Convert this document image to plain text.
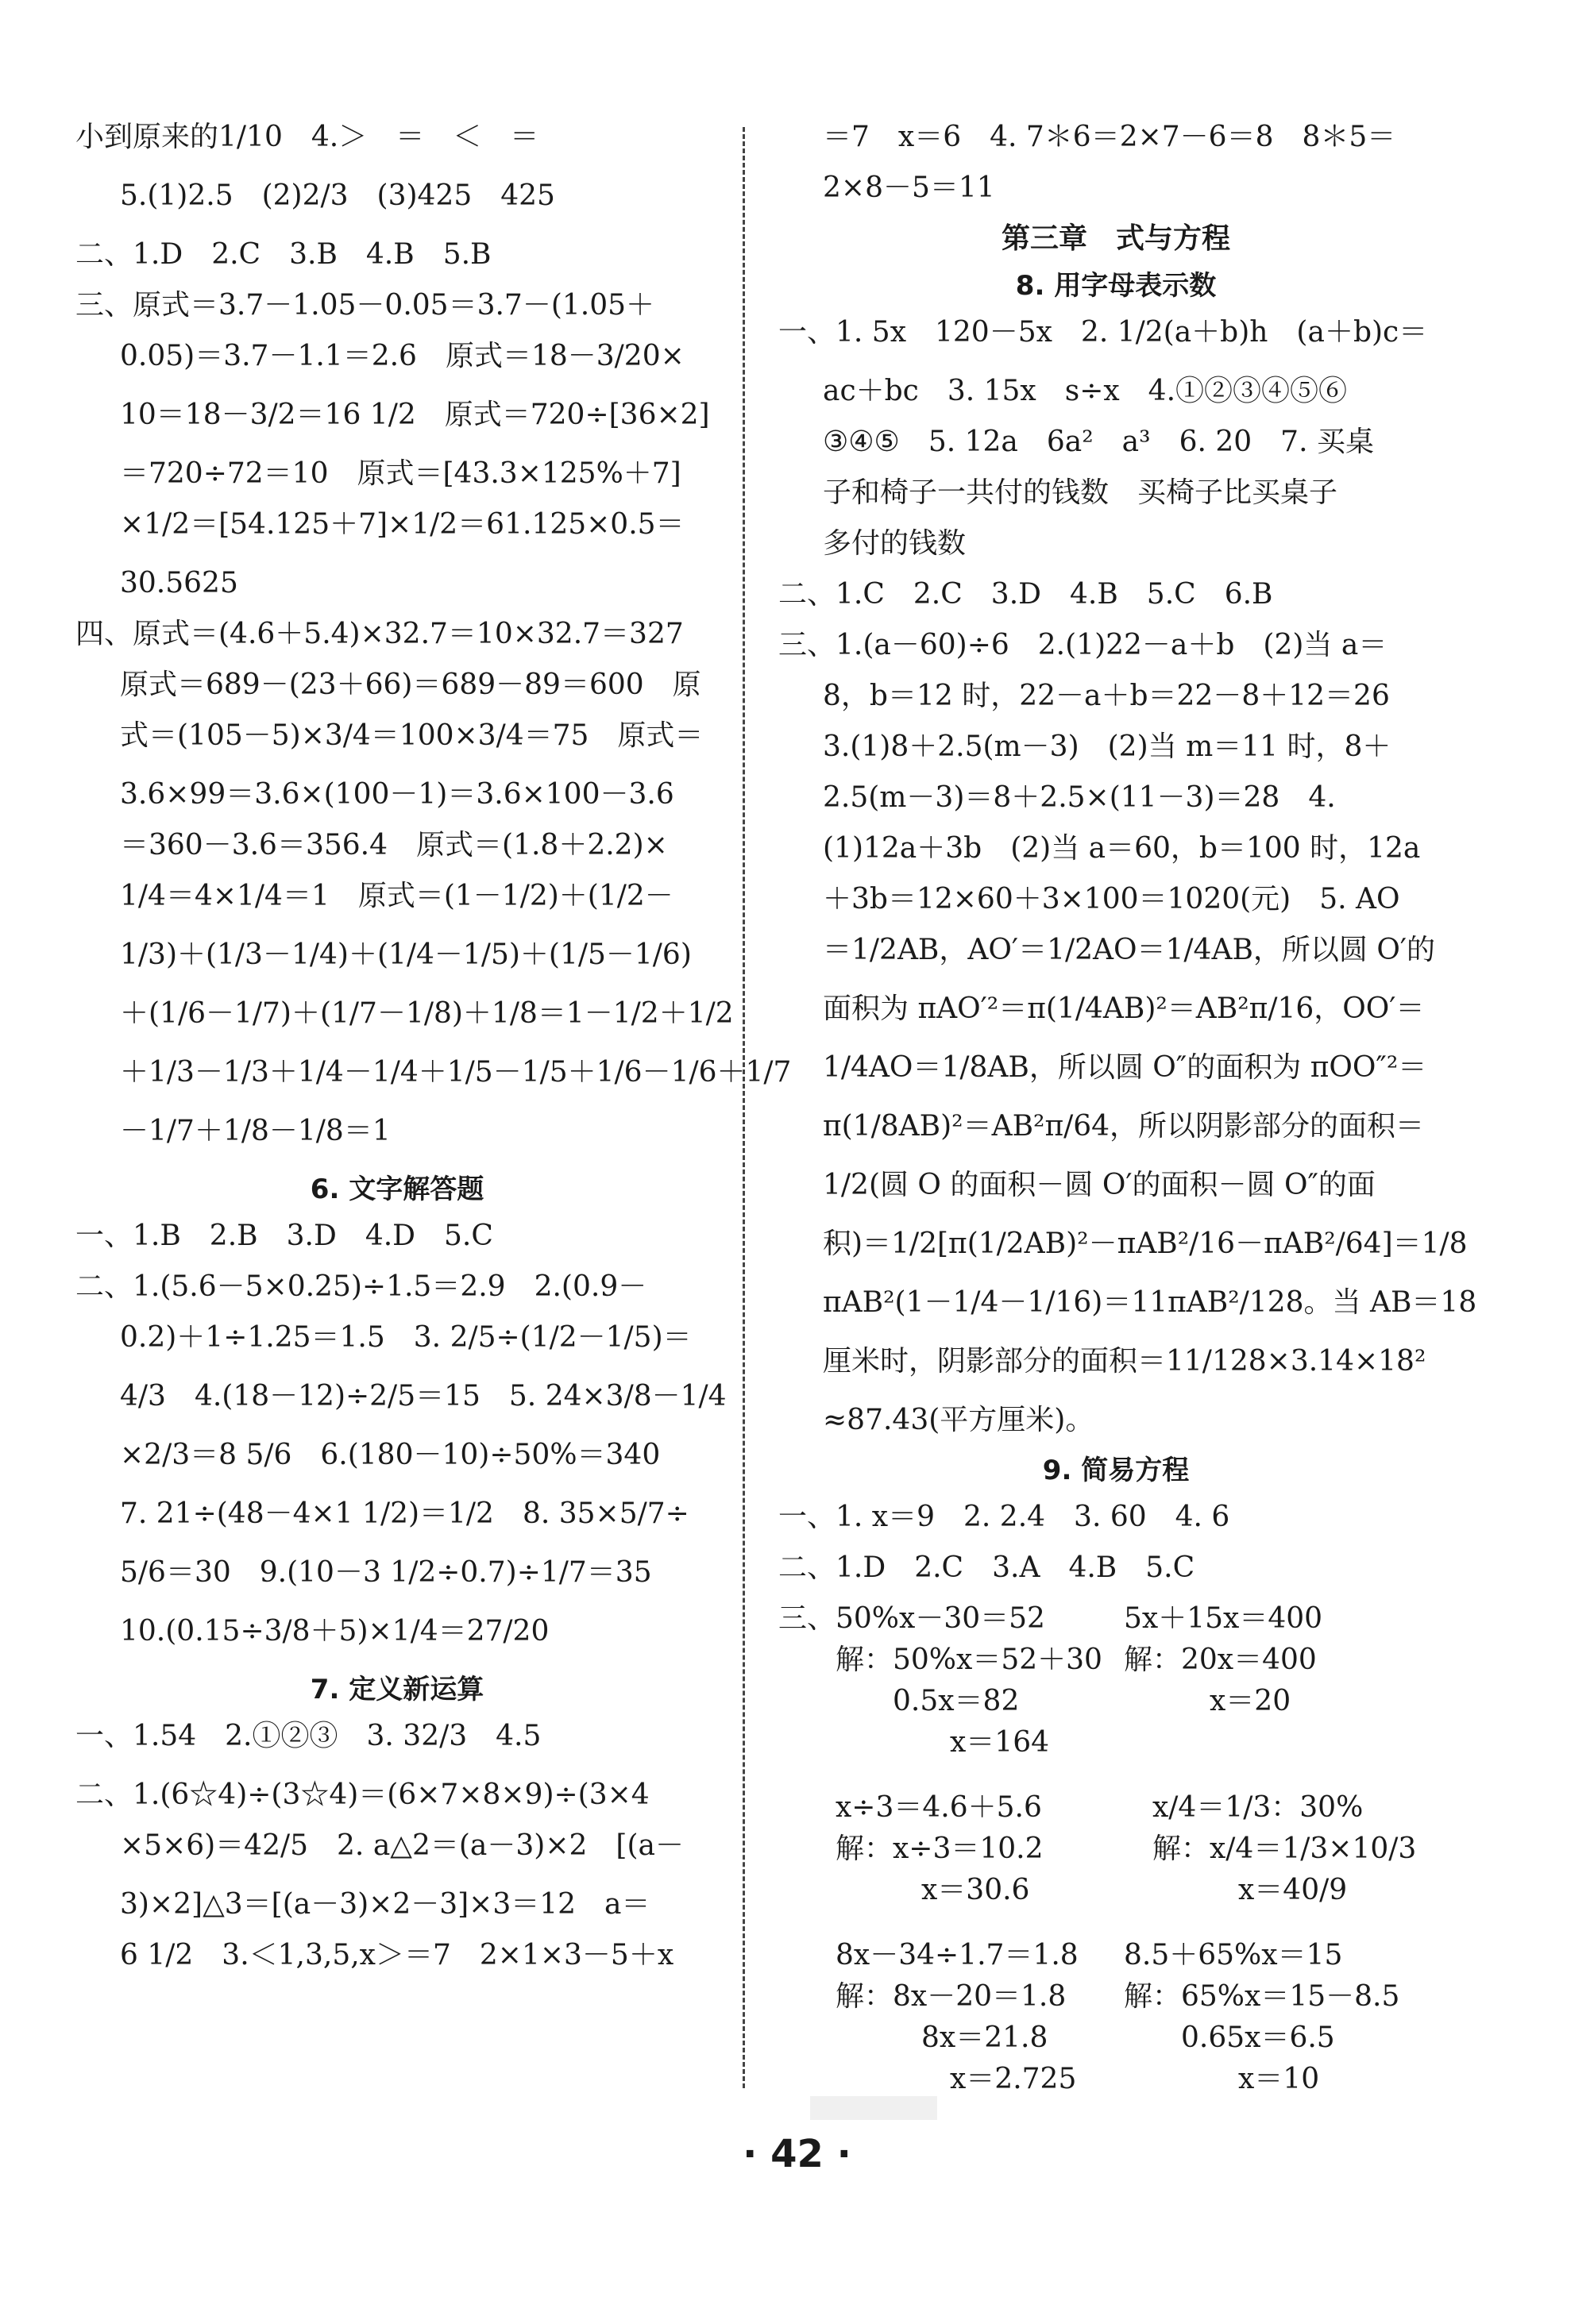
小到原来的1/10　4.＞　＝　＜　＝
5.(1)2.5　(2)2/3　(3)425　425
二、1.D　2.C　3.B　4.B　5.B
三、原式＝3.7－1.05－0.05＝3.7－(1.05＋
0.05)＝3.7－1.1＝2.6　原式＝18－3/20×
10＝18－3/2＝16 1/2　原式＝720÷[36×2]
＝720÷72＝10　原式＝[43.3×125%＋7]
×1/2＝[54.125＋7]×1/2＝61.125×0.5＝
30.5625
四、原式＝(4.6＋5.4)×32.7＝10×32.7＝327
原式＝689－(23＋66)＝689－89＝600　原
式＝(105－5)×3/4＝100×3/4＝75　原式＝
3.6×99＝3.6×(100－1)＝3.6×100－3.6
＝360－3.6＝356.4　原式＝(1.8＋2.2)×
1/4＝4×1/4＝1　原式＝(1－1/2)＋(1/2－
1/3)＋(1/3－1/4)＋(1/4－1/5)＋(1/5－1/6)
＋(1/6－1/7)＋(1/7－1/8)＋1/8＝1－1/2＋1/2
＋1/3－1/3＋1/4－1/4＋1/5－1/5＋1/6－1/6＋1/7
－1/7＋1/8－1/8＝1
6. 文字解答题
一、1.B　2.B　3.D　4.D　5.C
二、1.(5.6－5×0.25)÷1.5＝2.9　2.(0.9－
0.2)＋1÷1.25＝1.5　3. 2/5÷(1/2－1/5)＝
4/3　4.(18－12)÷2/5＝15　5. 24×3/8－1/4
×2/3＝8 5/6　6.(180－10)÷50%＝340
7. 21÷(48－4×1 1/2)＝1/2　8. 35×5/7÷
5/6＝30　9.(10－3 1/2÷0.7)÷1/7＝35
10.(0.15÷3/8＋5)×1/4＝27/20
7. 定义新运算
一、1.54　2.①②③　3. 32/3　4.5
二、1.(6☆4)÷(3☆4)＝(6×7×8×9)÷(3×4
×5×6)＝42/5　2. a△2＝(a－3)×2　[(a－
3)×2]△3＝[(a－3)×2－3]×3＝12　a＝
6 1/2　3.＜1,3,5,x＞＝7　2×1×3－5＋x
＝7　x＝6　4. 7＊6＝2×7－6＝8　8＊5＝
2×8－5＝11
第三章　式与方程
8. 用字母表示数
一、1. 5x　120－5x　2. 1/2(a＋b)h　(a＋b)c＝
ac＋bc　3. 15x　s÷x　4.①②③④⑤⑥
③④⑤　5. 12a　6a²　a³　6. 20　7. 买桌
子和椅子一共付的钱数　买椅子比买桌子
多付的钱数
二、1.C　2.C　3.D　4.B　5.C　6.B
三、1.(a－60)÷6　2.(1)22－a＋b　(2)当 a＝
8，b＝12 时，22－a＋b＝22－8＋12＝26
3.(1)8＋2.5(m－3)　(2)当 m＝11 时，8＋
2.5(m－3)＝8＋2.5×(11－3)＝28　4.
(1)12a＋3b　(2)当 a＝60，b＝100 时，12a
＋3b＝12×60＋3×100＝1020(元)　5. AO
＝1/2AB，AO′＝1/2AO＝1/4AB，所以圆 O′的
面积为 πAO′²＝π(1/4AB)²＝AB²π/16，OO′＝
1/4AO＝1/8AB，所以圆 O″的面积为 πOO″²＝
π(1/8AB)²＝AB²π/64，所以阴影部分的面积＝
1/2(圆 O 的面积－圆 O′的面积－圆 O″的面
积)＝1/2[π(1/2AB)²－πAB²/16－πAB²/64]＝1/8
πAB²(1－1/4－1/16)＝11πAB²/128。当 AB＝18
厘米时，阴影部分的面积＝11/128×3.14×18²
≈87.43(平方厘米)。
9. 简易方程
一、1. x＝9　2. 2.4　3. 60　4. 6
二、1.D　2.C　3.A　4.B　5.C
三、50%x－30＝52
　　解：50%x＝52＋30
　　　　0.5x＝82
　　　　　　x＝164
5x＋15x＝400
解：20x＝400
　　　x＝20
　　x÷3＝4.6＋5.6
　　解：x÷3＝10.2
　　　　　x＝30.6
　x/4＝1/3：30%
　解：x/4＝1/3×10/3
　　　　x＝40/9
　　8x－34÷1.7＝1.8
　　解：8x－20＝1.8
　　　　　8x＝21.8
　　　　　　x＝2.725
8.5＋65%x＝15
解：65%x＝15－8.5
　　0.65x＝6.5
　　　　x＝10
· 42 ·
